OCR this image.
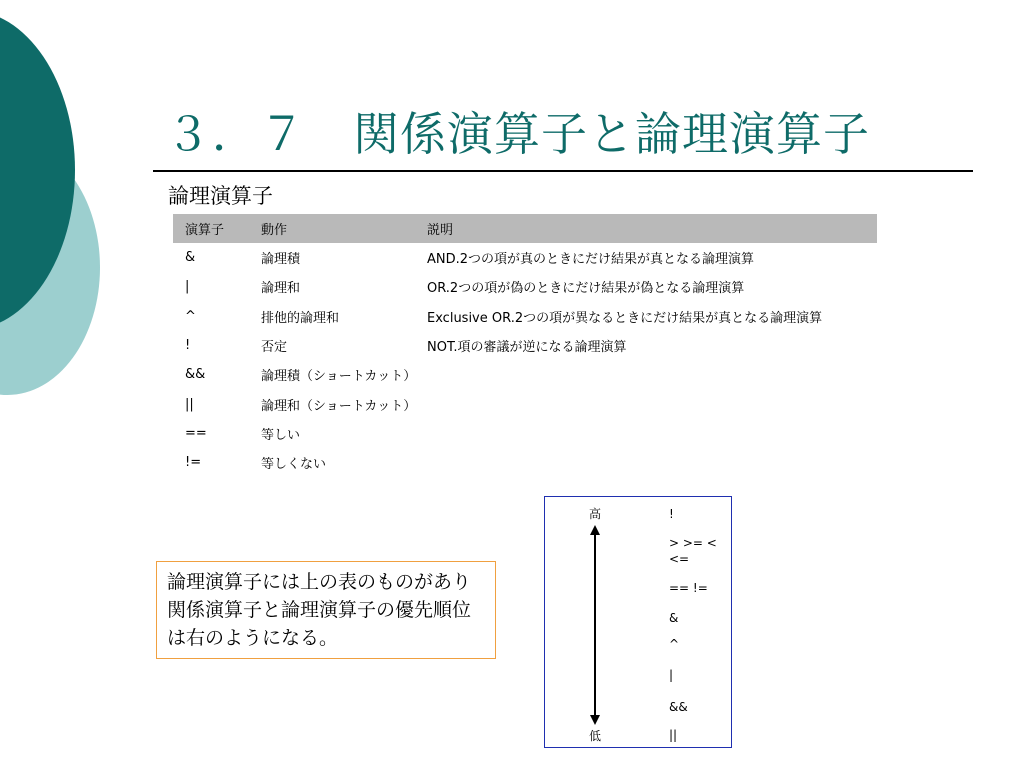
３．７　関係演算子と論理演算子
論理演算子
演算子	動作	説明
&	論理積	AND.2つの項が真のときにだけ結果が真となる論理演算
|	論理和	OR.2つの項が偽のときにだけ結果が偽となる論理演算
^	排他的論理和	Exclusive OR.2つの項が異なるときにだけ結果が真となる論理演算
!	否定	NOT.項の審議が逆になる論理演算
&&	論理積（ショートカット）	
||	論理和（ショートカット）	
==	等しい	
!=	等しくない	
論理演算子には上の表のものがあり関係演算子と論理演算子の優先順位は右のようになる。
高
低
!
> >= <
<=
== !=
&
^
|
&&
||
